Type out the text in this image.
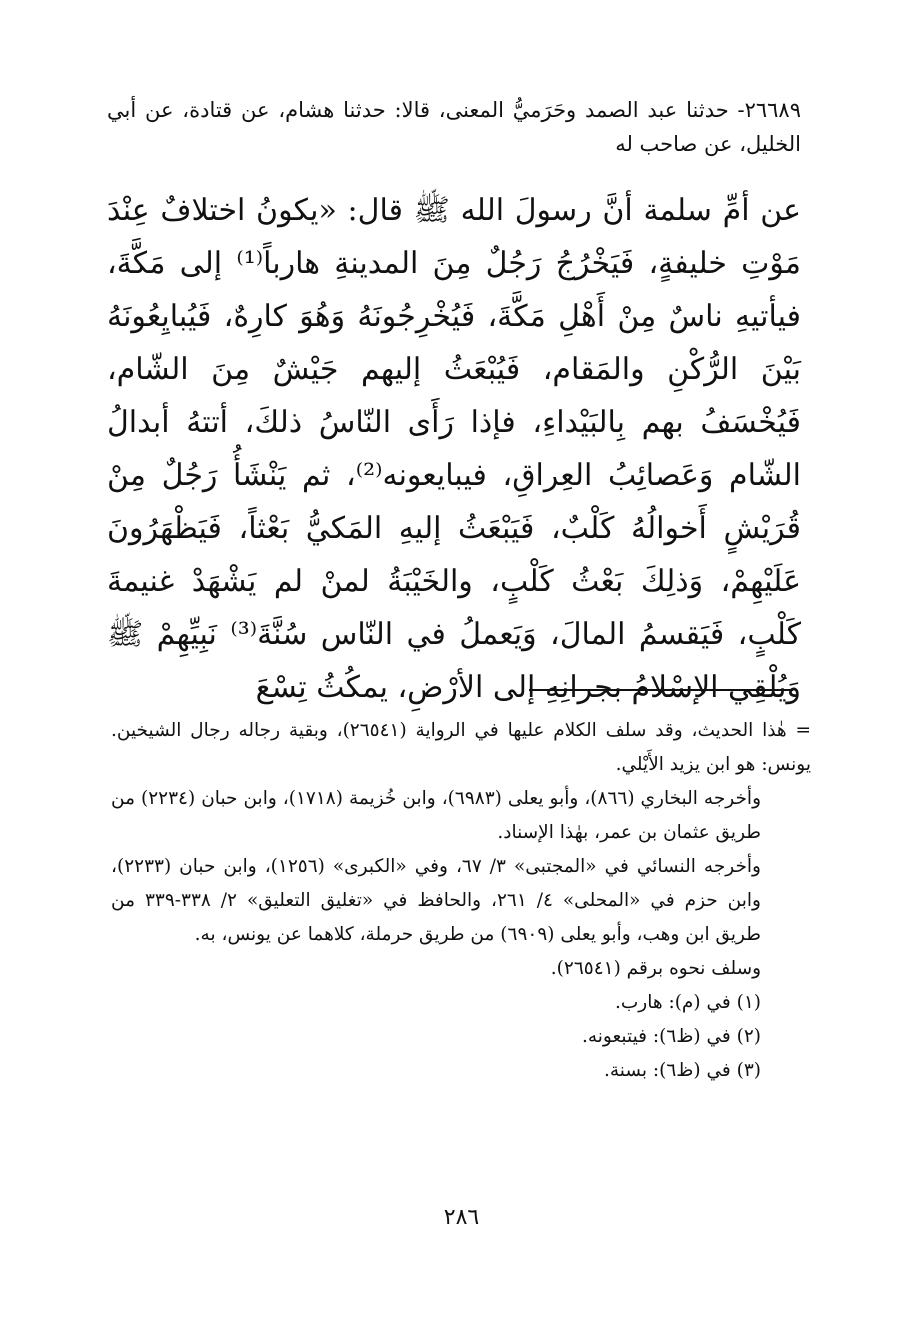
٢٦٦٨٩- حدثنا عبد الصمد وحَرَميُّ المعنى، قالا: حدثنا هشام، عن قتادة، عن أبي الخليل، عن صاحب له

عن أمِّ سلمة أنَّ رسولَ الله ﷺ قال: «يكونُ اختلافٌ عِنْدَ مَوْتِ خليفةٍ، فَيَخْرُجُ رَجُلٌ مِنَ المدينةِ هارباً⁽¹⁾ إلى مَكَّةَ، فيأتيهِ ناسٌ مِنْ أَهْلِ مَكَّةَ، فَيُخْرِجُونَهُ وَهُوَ كارِهٌ، فَيُبايِعُونَهُ بَيْنَ الرُّكْنِ والمَقام، فَيُبْعَثُ إليهم جَيْشٌ مِنَ الشّام، فَيُخْسَفُ بهم بِالبَيْداءِ، فإذا رَأَى النّاسُ ذلكَ، أتتهُ أبدالُ الشّام وَعَصائِبُ العِراقِ، فيبايعونه⁽²⁾، ثم يَنْشَأُ رَجُلٌ مِنْ قُرَيْشٍ أَخوالُهُ كَلْبٌ، فَيَبْعَثُ إليهِ المَكيُّ بَعْثاً، فَيَظْهَرُونَ عَلَيْهِمْ، وَذلِكَ بَعْثُ كَلْبٍ، والخَيْبَةُ لمنْ لم يَشْهَدْ غنيمةَ كَلْبٍ، فَيَقسمُ المالَ، وَيَعملُ في النّاس سُنَّةَ⁽³⁾ نَبِيِّهِمْ ﷺ وَيُلْقِي الإسْلامُ بجرانِهِ إلى الأرْضِ، يمكُثُ تِسْعَ

= هٰذا الحديث، وقد سلف الكلام عليها في الرواية (٢٦٥٤١)، وبقية رجاله رجال الشيخين. يونس: هو ابن يزيد الأَيْلي.

وأخرجه البخاري (٨٦٦)، وأبو يعلى (٦٩٨٣)، وابن خُزيمة (١٧١٨)، وابن حبان (٢٢٣٤) من طريق عثمان بن عمر، بهٰذا الإسناد.

وأخرجه النسائي في «المجتبى» ٣/ ٦٧، وفي «الكبرى» (١٢٥٦)، وابن حبان (٢٢٣٣)، وابن حزم في «المحلى» ٤/ ٢٦١، والحافظ في «تغليق التعليق» ٢/ ٣٣٨-٣٣٩ من طريق ابن وهب، وأبو يعلى (٦٩٠٩) من طريق حرملة، كلاهما عن يونس، به.

وسلف نحوه برقم (٢٦٥٤١).

(١) في (م): هارب.

(٢) في (ظ٦): فيتبعونه.

(٣) في (ظ٦): بسنة.

٢٨٦
